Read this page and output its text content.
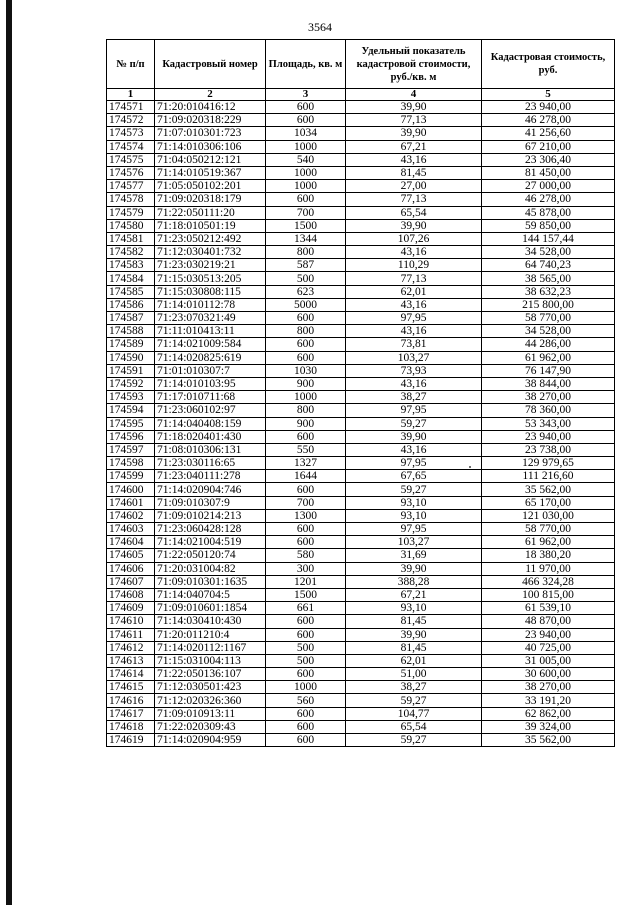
3564
№ п/п	Кадастровый номер	Площадь, кв. м	Удельный показатель кадастровой стоимости, руб./кв. м	Кадастровая стоимость, руб.
1	2	3	4	5
174571	71:20:010416:12	600	39,90	23 940,00
174572	71:09:020318:229	600	77,13	46 278,00
174573	71:07:010301:723	1034	39,90	41 256,60
174574	71:14:010306:106	1000	67,21	67 210,00
174575	71:04:050212:121	540	43,16	23 306,40
174576	71:14:010519:367	1000	81,45	81 450,00
174577	71:05:050102:201	1000	27,00	27 000,00
174578	71:09:020318:179	600	77,13	46 278,00
174579	71:22:050111:20	700	65,54	45 878,00
174580	71:18:010501:19	1500	39,90	59 850,00
174581	71:23:050212:492	1344	107,26	144 157,44
174582	71:12:030401:732	800	43,16	34 528,00
174583	71:23:030219:21	587	110,29	64 740,23
174584	71:15:030513:205	500	77,13	38 565,00
174585	71:15:030808:115	623	62,01	38 632,23
174586	71:14:010112:78	5000	43,16	215 800,00
174587	71:23:070321:49	600	97,95	58 770,00
174588	71:11:010413:11	800	43,16	34 528,00
174589	71:14:021009:584	600	73,81	44 286,00
174590	71:14:020825:619	600	103,27	61 962,00
174591	71:01:010307:7	1030	73,93	76 147,90
174592	71:14:010103:95	900	43,16	38 844,00
174593	71:17:010711:68	1000	38,27	38 270,00
174594	71:23:060102:97	800	97,95	78 360,00
174595	71:14:040408:159	900	59,27	53 343,00
174596	71:18:020401:430	600	39,90	23 940,00
174597	71:08:010306:131	550	43,16	23 738,00
174598	71:23:030116:65	1327	97,95	129 979,65
174599	71:23:040111:278	1644	67,65	111 216,60
174600	71:14:020904:746	600	59,27	35 562,00
174601	71:09:010307:9	700	93,10	65 170,00
174602	71:09:010214:213	1300	93,10	121 030,00
174603	71:23:060428:128	600	97,95	58 770,00
174604	71:14:021004:519	600	103,27	61 962,00
174605	71:22:050120:74	580	31,69	18 380,20
174606	71:20:031004:82	300	39,90	11 970,00
174607	71:09:010301:1635	1201	388,28	466 324,28
174608	71:14:040704:5	1500	67,21	100 815,00
174609	71:09:010601:1854	661	93,10	61 539,10
174610	71:14:030410:430	600	81,45	48 870,00
174611	71:20:011210:4	600	39,90	23 940,00
174612	71:14:020112:1167	500	81,45	40 725,00
174613	71:15:031004:113	500	62,01	31 005,00
174614	71:22:050136:107	600	51,00	30 600,00
174615	71:12:030501:423	1000	38,27	38 270,00
174616	71:12:020326:360	560	59,27	33 191,20
174617	71:09:010913:11	600	104,77	62 862,00
174618	71:22:020309:43	600	65,54	39 324,00
174619	71:14:020904:959	600	59,27	35 562,00
